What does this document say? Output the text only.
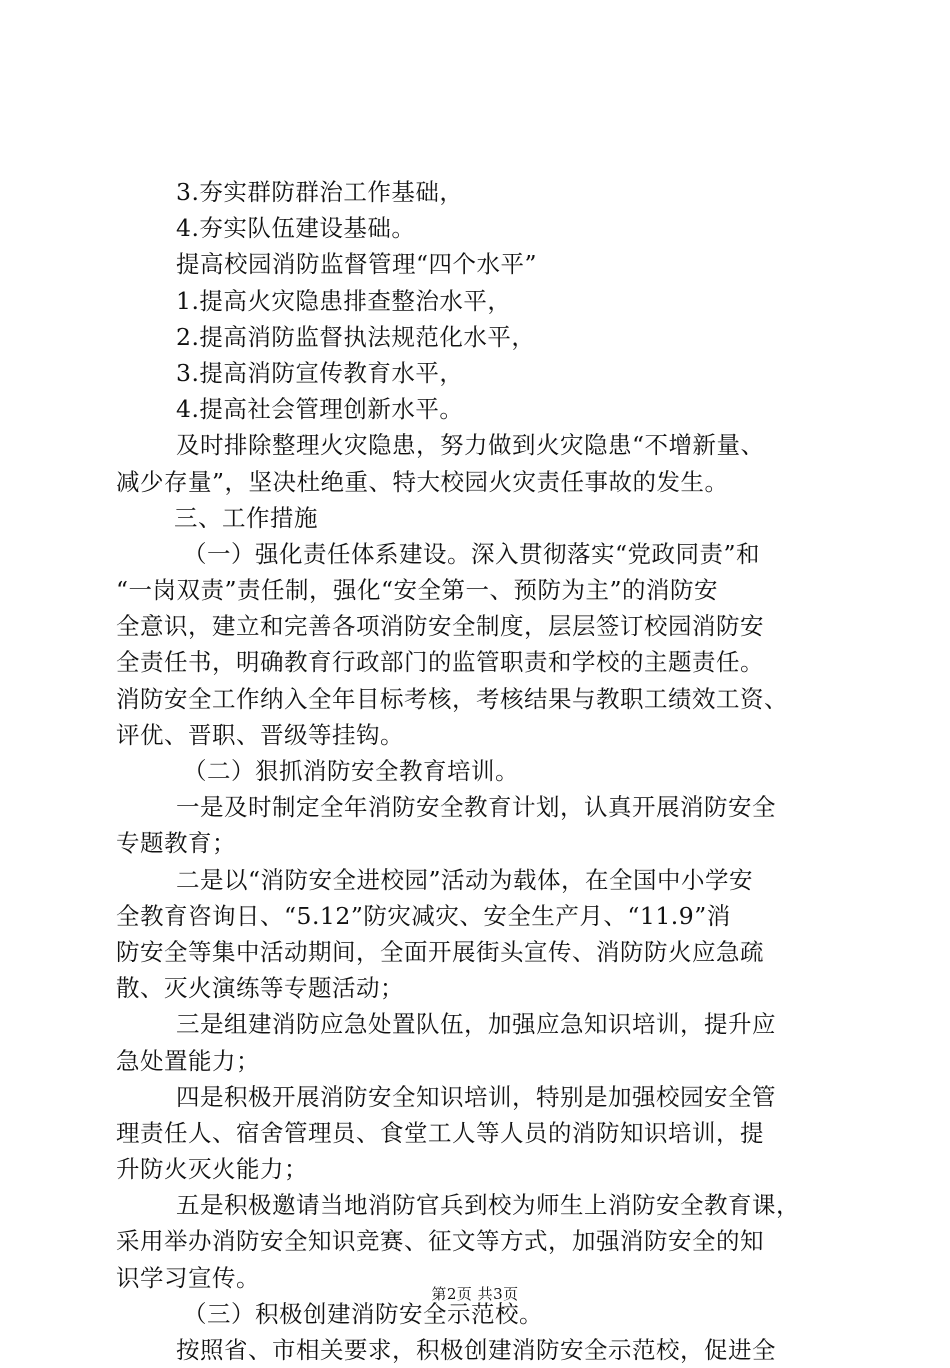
3.夯实群防群治工作基础，
4.夯实队伍建设基础。
提高校园消防监督管理“四个水平”
1.提高火灾隐患排查整治水平，
2.提高消防监督执法规范化水平，
3.提高消防宣传教育水平，
4.提高社会管理创新水平。
及时排除整理火灾隐患，努力做到火灾隐患“不增新量、
减少存量”，坚决杜绝重、特大校园火灾责任事故的发生。
三、工作措施
（一）强化责任体系建设。深入贯彻落实“党政同责”和
“一岗双责”责任制，强化“安全第一、预防为主”的消防安
全意识，建立和完善各项消防安全制度，层层签订校园消防安
全责任书，明确教育行政部门的监管职责和学校的主题责任。
消防安全工作纳入全年目标考核，考核结果与教职工绩效工资、
评优、晋职、晋级等挂钩。
（二）狠抓消防安全教育培训。
一是及时制定全年消防安全教育计划，认真开展消防安全
专题教育；
二是以“消防安全进校园”活动为载体，在全国中小学安
全教育咨询日、“5.12”防灾减灾、安全生产月、“11.9”消
防安全等集中活动期间，全面开展街头宣传、消防防火应急疏
散、灭火演练等专题活动；
三是组建消防应急处置队伍，加强应急知识培训，提升应
急处置能力；
四是积极开展消防安全知识培训，特别是加强校园安全管
理责任人、宿舍管理员、食堂工人等人员的消防知识培训，提
升防火灭火能力；
五是积极邀请当地消防官兵到校为师生上消防安全教育课，
采用举办消防安全知识竞赛、征文等方式，加强消防安全的知
识学习宣传。
（三）积极创建消防安全示范校。
按照省、市相关要求，积极创建消防安全示范校，促进全
第2页 共3页
